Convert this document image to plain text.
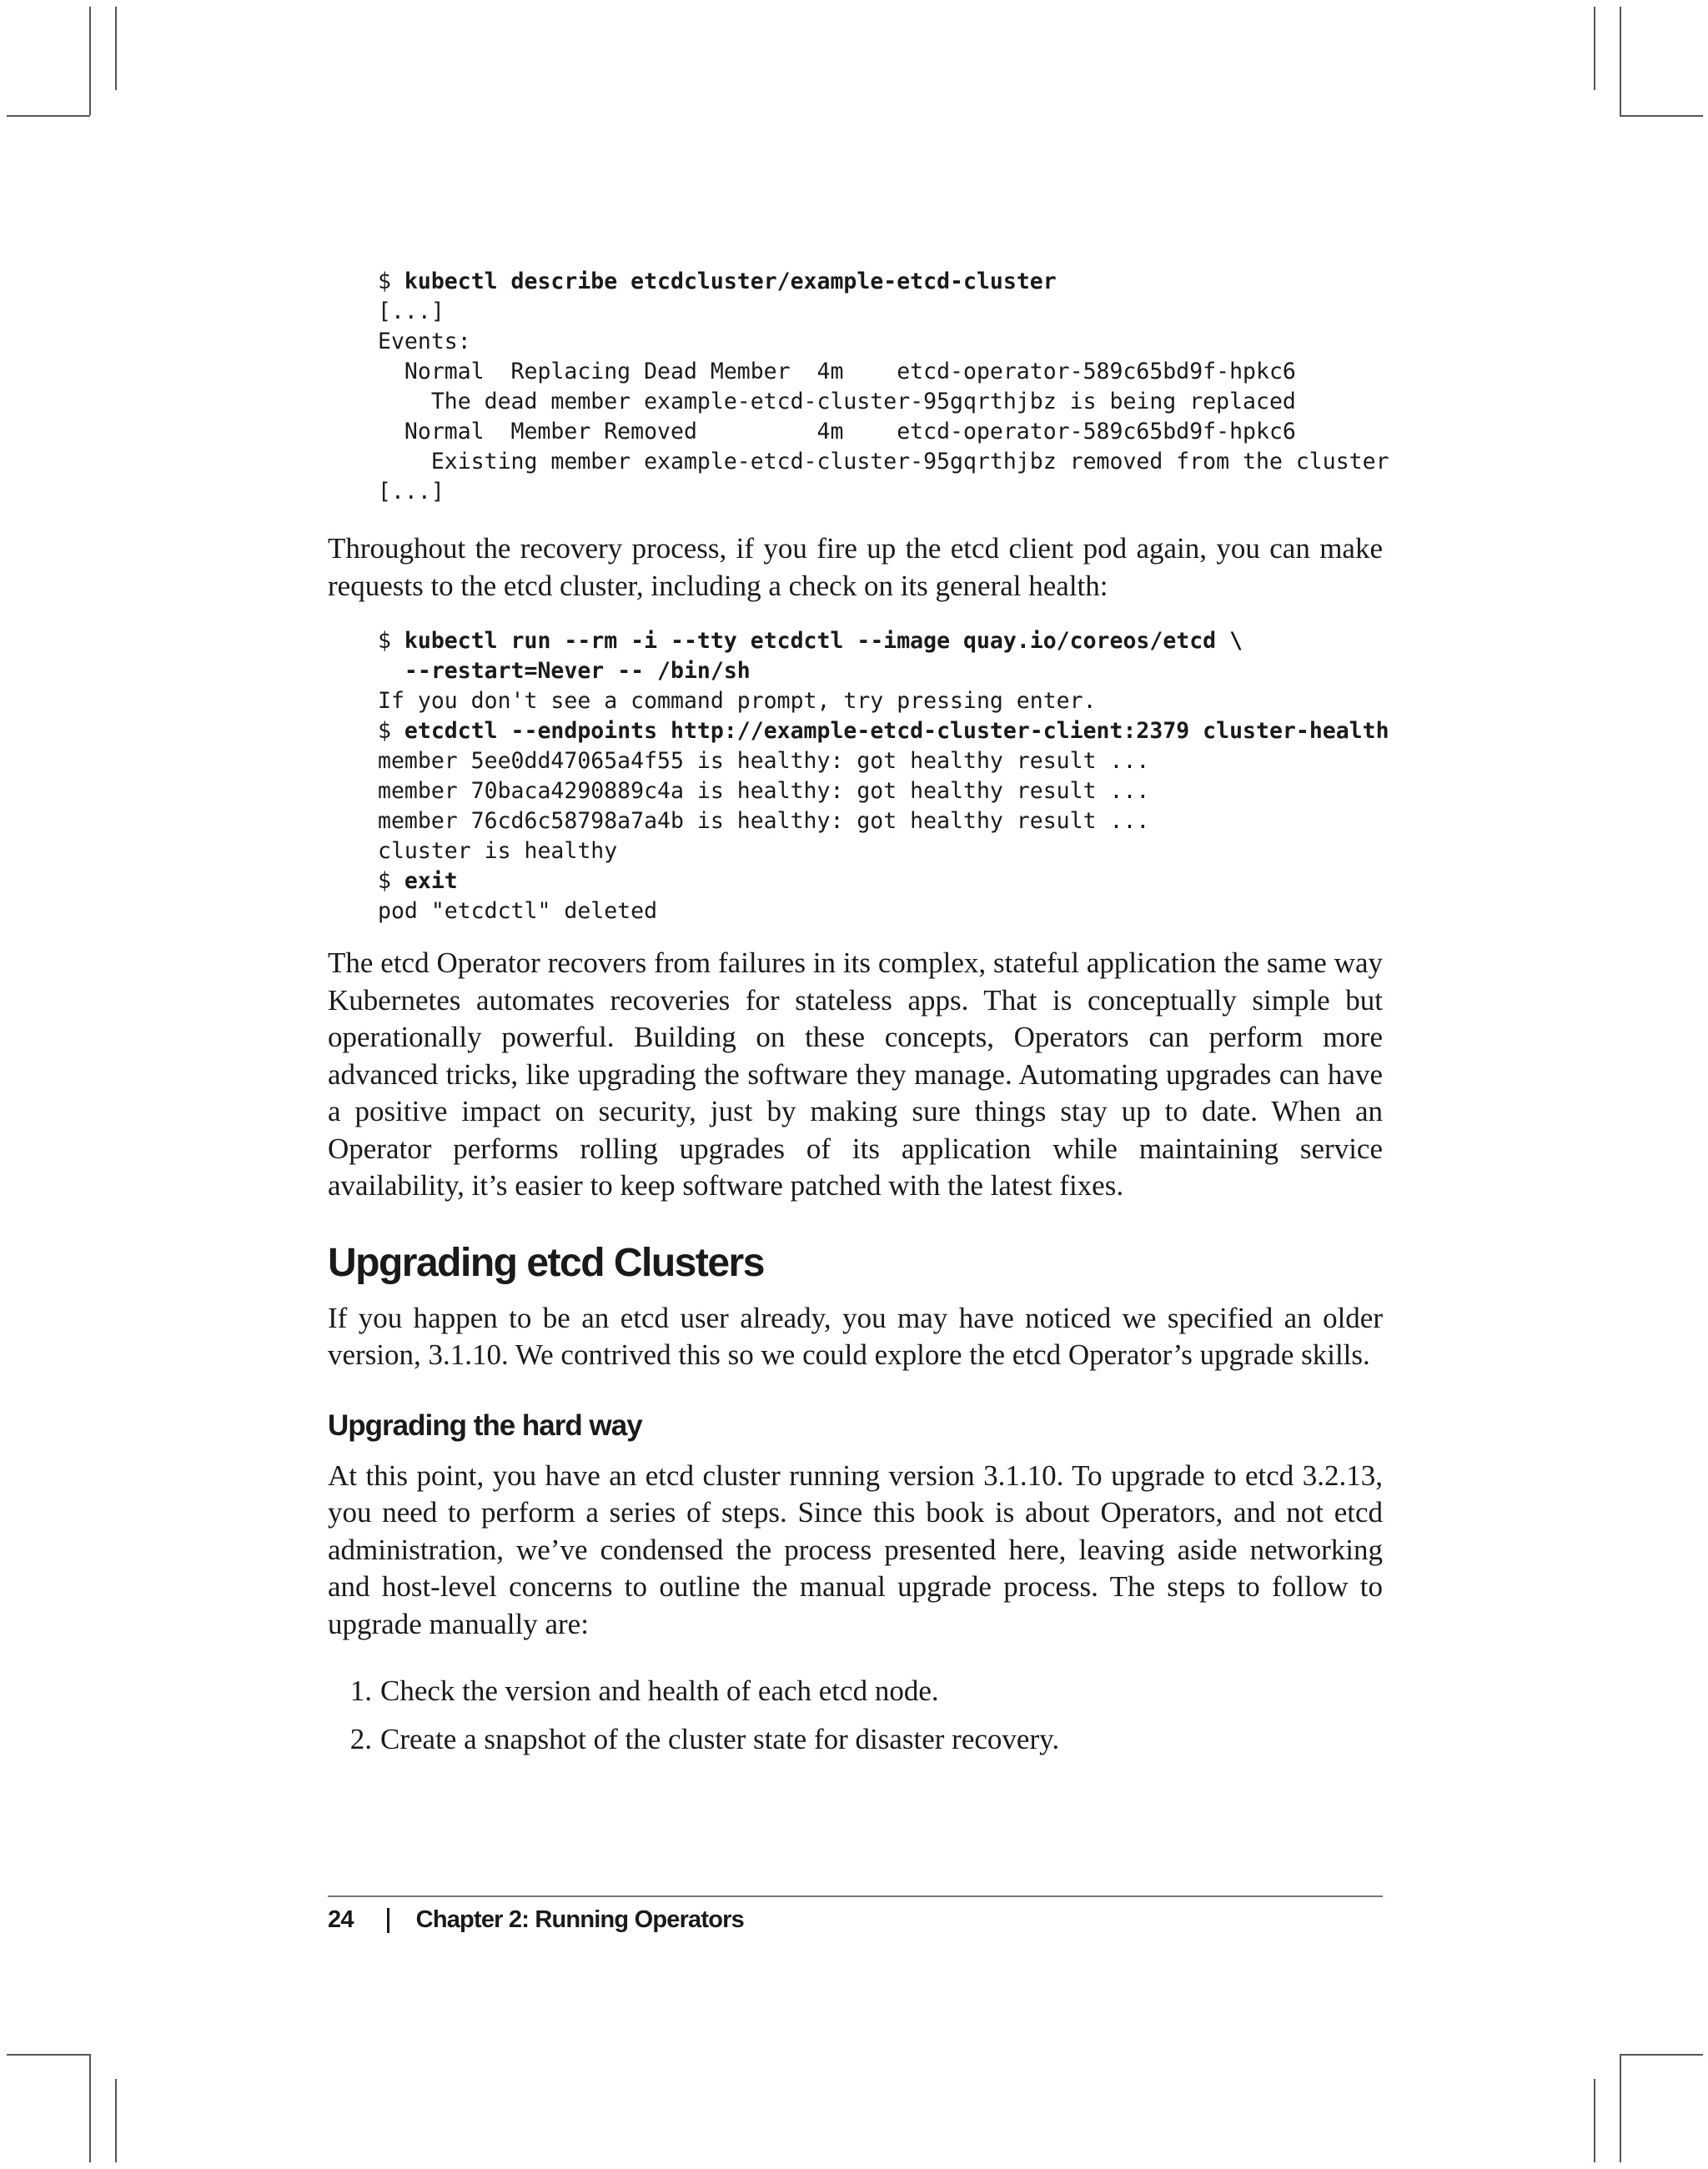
$ kubectl describe etcdcluster/example-etcd-cluster
[...]
Events:
Normal  Replacing Dead Member  4m    etcd-operator-589c65bd9f-hpkc6
The dead member example-etcd-cluster-95gqrthjbz is being replaced
Normal  Member Removed         4m    etcd-operator-589c65bd9f-hpkc6
Existing member example-etcd-cluster-95gqrthjbz removed from the cluster
[...]

Throughout the recovery process, if you fire up the etcd client pod again, you can make requests to the etcd cluster, including a check on its general health:

$ kubectl run --rm -i --tty etcdctl --image quay.io/coreos/etcd \
--restart=Never -- /bin/sh
If you don't see a command prompt, try pressing enter.
$ etcdctl --endpoints http://example-etcd-cluster-client:2379 cluster-health
member 5ee0dd47065a4f55 is healthy: got healthy result ...
member 70baca4290889c4a is healthy: got healthy result ...
member 76cd6c58798a7a4b is healthy: got healthy result ...
cluster is healthy
$ exit
pod "etcdctl" deleted

The etcd Operator recovers from failures in its complex, stateful application the same way Kubernetes automates recoveries for stateless apps. That is conceptually simple but operationally powerful. Building on these concepts, Operators can perform more advanced tricks, like upgrading the software they manage. Automating upgrades can have a positive impact on security, just by making sure things stay up to date. When an Operator performs rolling upgrades of its application while maintaining service availability, it’s easier to keep software patched with the latest fixes.

Upgrading etcd Clusters

If you happen to be an etcd user already, you may have noticed we specified an older version, 3.1.10. We contrived this so we could explore the etcd Operator’s upgrade skills.

Upgrading the hard way

At this point, you have an etcd cluster running version 3.1.10. To upgrade to etcd 3.2.13, you need to perform a series of steps. Since this book is about Operators, and not etcd administration, we’ve condensed the process presented here, leaving aside networking and host-level concerns to outline the manual upgrade process. The steps to follow to upgrade manually are:

1. Check the version and health of each etcd node.
2. Create a snapshot of the cluster state for disaster recovery.
24	Chapter 2: Running Operators
